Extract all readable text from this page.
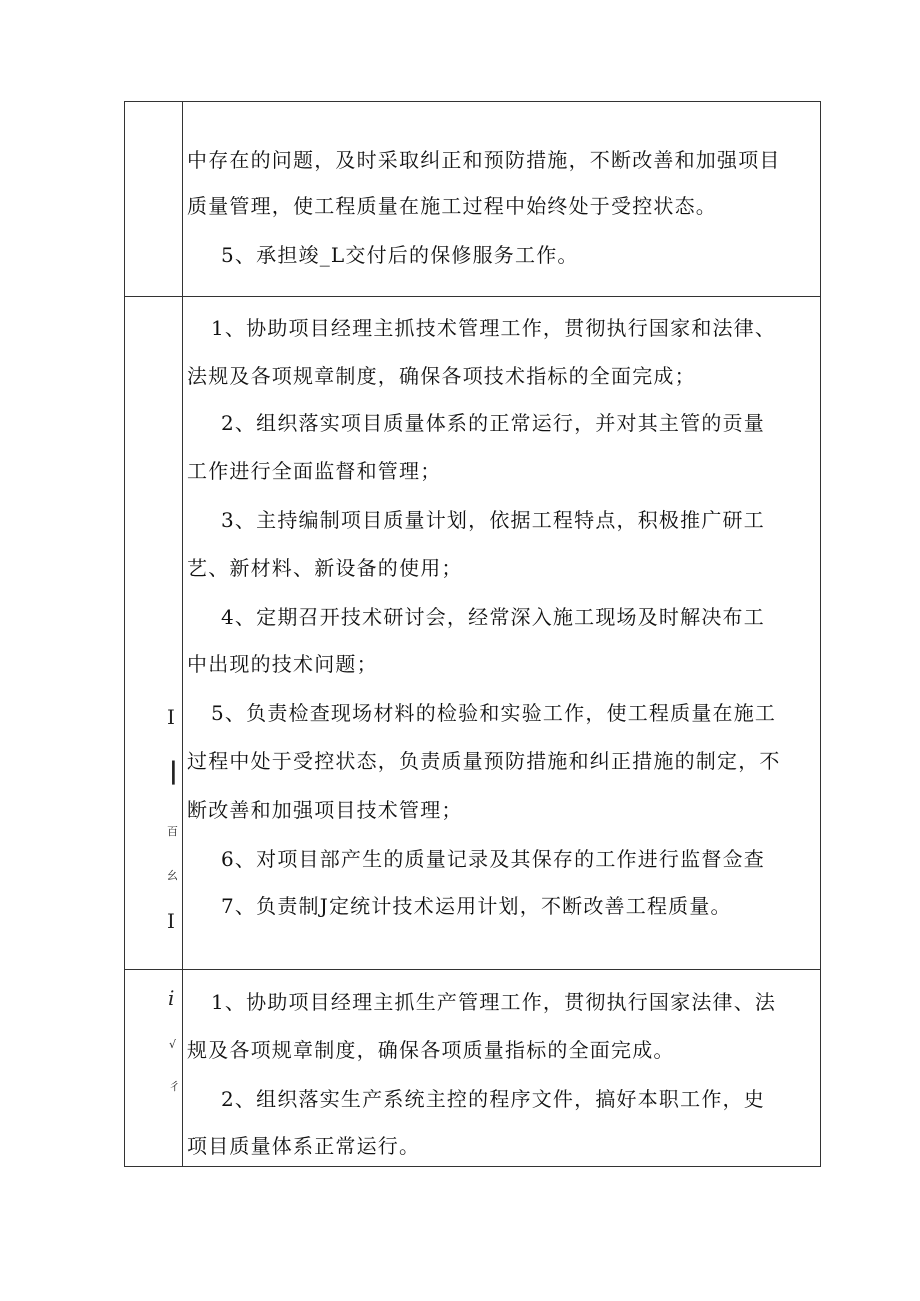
中存在的问题，及时采取纠正和预防措施，不断改善和加强项目
质量管理，使工程质量在施工过程中始终处于受控状态。
5、承担竣_L交付后的保修服务工作。
I
|
百
幺
I
1、协助项目经理主抓技术管理工作，贯彻执行国家和法律、
法规及各项规章制度，确保各项技术指标的全面完成；
2、组织落实项目质量体系的正常运行，并对其主管的贡量
工作进行全面监督和管理；
3、主持编制项目质量计划，依据工程特点，积极推广研工
艺、新材料、新设备的使用；
4、定期召开技术研讨会，经常深入施工现场及时解决布工
中出现的技术问题；
5、负责检查现场材料的检验和实验工作，使工程质量在施工
过程中处于受控状态，负责质量预防措施和纠正措施的制定，不
断改善和加强项目技术管理；
6、对项目部产生的质量记录及其保存的工作进行监督佥查
7、负责制J定统计技术运用计划，不断改善工程质量。
i
√
彳
1、协助项目经理主抓生产管理工作，贯彻执行国家法律、法
规及各项规章制度，确保各项质量指标的全面完成。
2、组织落实生产系统主控的程序文件，搞好本职工作，史
项目质量体系正常运行。
